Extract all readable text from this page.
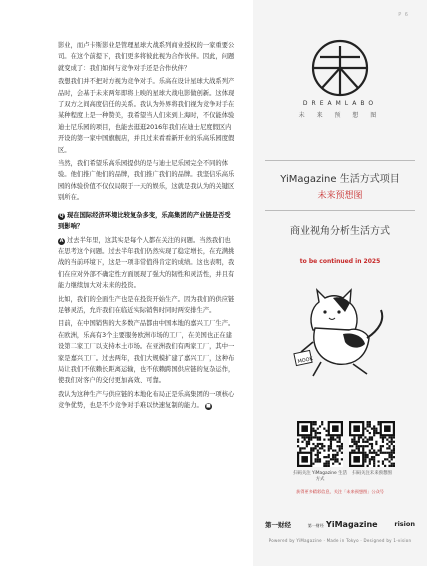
影业，而卢卡斯影业是管理星球大战系列商业授权的一家重要公司。在这个前提下，我们更多将彼此视为合作伙伴。因此，问题就变成了：我们如何与竞争对手还是合作伙伴？

我想我们并不把对方视为竞争对手。乐高在设计星球大战系列产品时，会基于未来两年即将上映的星球大战电影做创新。这体现了双方之间高度信任的关系。我认为外界将我们视为竞争对手在某种程度上是一种赞美，我希望当人们来到上海时，不仅能体验迪士尼乐园的项目，也能去逛逛2016年我们在迪士尼度假区内开设的第一家中国旗舰店，并且过来看看新开业的乐高乐园度假区。

当然，我们希望乐高乐园提供的是与迪士尼乐园完全不同的体验。他们推广他们的品牌，我们推广我们的品牌。我坚信乐高乐园的体验价值不仅仅局限于一天的娱乐，这就是我认为的关键区别所在。

Q 现在国际经济环境比较复杂多变，乐高集团的产业链是否受到影响？

A 过去半年里，这其实是每个人都在关注的问题。当然我们也在思考这个问题。过去半年我们仍然实现了稳定增长，在充满挑战的当前环境下，这是一项非常值得肯定的成绩。这也表明，我们在应对外部不确定性方面展现了强大的韧性和灵活性，并且有能力继续加大对未来的投资。

比如，我们的全面生产也是在投资开始生产。因为我们的供应链足够灵活，允许我们在临近实际销售时同时两安排生产。

目前，在中国销售的大多数产品都由中国本地的嘉兴工厂生产。在欧洲，乐高有3个主要服务欧洲市场的工厂，在美国也正在建设第二家工厂以支持本土市场。在亚洲我们有两家工厂，其中一家是嘉兴工厂。过去两年，我们大规模扩建了嘉兴工厂，这种布局让我们不依赖长距离运输，也不依赖跨国供应链的复杂运作，使我们对客户的交付更加高效、可靠。

我认为这种生产与供应链的本地化布局正是乐高集团的一项核心竞争优势，也是不少竞争对手难以快速复制的能力。 ■

P 6
DREAMLABO
未 来 预 想 图
YiMagazine 生活方式项目
未来预想图
商业视角分析生活方式
to be continued in 2025
MOOK
扫码关注 YiMagazine 生活方式
扫码关注未来预想图
获得更多精彩信息，关注「未来预想图」公众号
第一财经	第一财经 YiMagazine	rision
Powered by YiMagazine · Made in Tokyo · Designed by 1-vision
